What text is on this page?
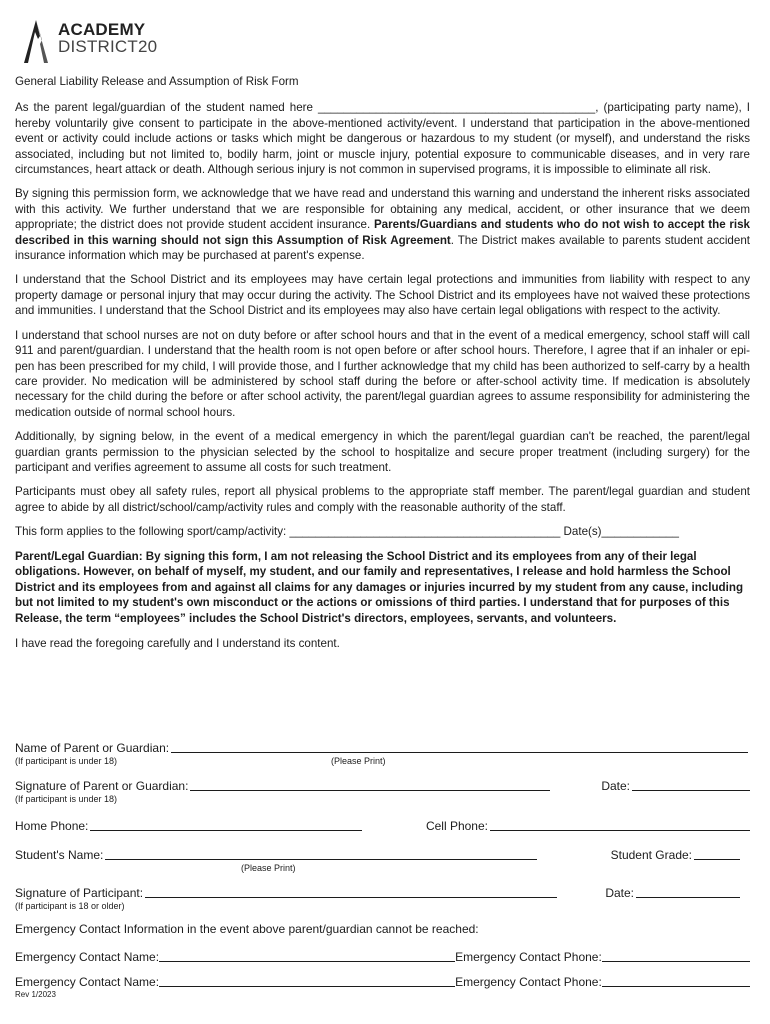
ACADEMY
DISTRICT20
General Liability Release and Assumption of Risk Form
As the parent legal/guardian of the student named here ___________________________________________, (participating party name), I hereby voluntarily give consent to participate in the above-mentioned activity/event. I understand that participation in the above-mentioned event or activity could include actions or tasks which might be dangerous or hazardous to my student (or myself), and understand the risks associated, including but not limited to, bodily harm, joint or muscle injury, potential exposure to communicable diseases, and in very rare circumstances, heart attack or death. Although serious injury is not common in supervised programs, it is impossible to eliminate all risk.
By signing this permission form, we acknowledge that we have read and understand this warning and understand the inherent risks associated with this activity. We further understand that we are responsible for obtaining any medical, accident, or other insurance that we deem appropriate; the district does not provide student accident insurance. Parents/Guardians and students who do not wish to accept the risk described in this warning should not sign this Assumption of Risk Agreement. The District makes available to parents student accident insurance information which may be purchased at parent's expense.
I understand that the School District and its employees may have certain legal protections and immunities from liability with respect to any property damage or personal injury that may occur during the activity. The School District and its employees have not waived these protections and immunities. I understand that the School District and its employees may also have certain legal obligations with respect to the activity.
I understand that school nurses are not on duty before or after school hours and that in the event of a medical emergency, school staff will call 911 and parent/guardian. I understand that the health room is not open before or after school hours. Therefore, I agree that if an inhaler or epi-pen has been prescribed for my child, I will provide those, and I further acknowledge that my child has been authorized to self-carry by a health care provider. No medication will be administered by school staff during the before or after-school activity time. If medication is absolutely necessary for the child during the before or after school activity, the parent/legal guardian agrees to assume responsibility for administering the medication outside of normal school hours.
Additionally, by signing below, in the event of a medical emergency in which the parent/legal guardian can't be reached, the parent/legal guardian grants permission to the physician selected by the school to hospitalize and secure proper treatment (including surgery) for the participant and verifies agreement to assume all costs for such treatment.
Participants must obey all safety rules, report all physical problems to the appropriate staff member. The parent/legal guardian and student agree to abide by all district/school/camp/activity rules and comply with the reasonable authority of the staff.
This form applies to the following sport/camp/activity: __________________________________________ Date(s)____________
Parent/Legal Guardian: By signing this form, I am not releasing the School District and its employees from any of their legal obligations. However, on behalf of myself, my student, and our family and representatives, I release and hold harmless the School District and its employees from and against all claims for any damages or injuries incurred by my student from any cause, including but not limited to my student's own misconduct or the actions or omissions of third parties. I understand that for purposes of this Release, the term “employees” includes the School District's directors, employees, servants, and volunteers.
I have read the foregoing carefully and I understand its content.
Name of Parent or Guardian:
(If participant is under 18)	(Please Print)
Signature of Parent or Guardian:	Date:
(If participant is under 18)
Home Phone:	Cell Phone:
Student's Name:	Student Grade:
(Please Print)
Signature of Participant:	Date:
(If participant is 18 or older)
Emergency Contact Information in the event above parent/guardian cannot be reached:
Emergency Contact Name:	Emergency Contact Phone:
Emergency Contact Name:	Emergency Contact Phone:
Rev 1/2023
